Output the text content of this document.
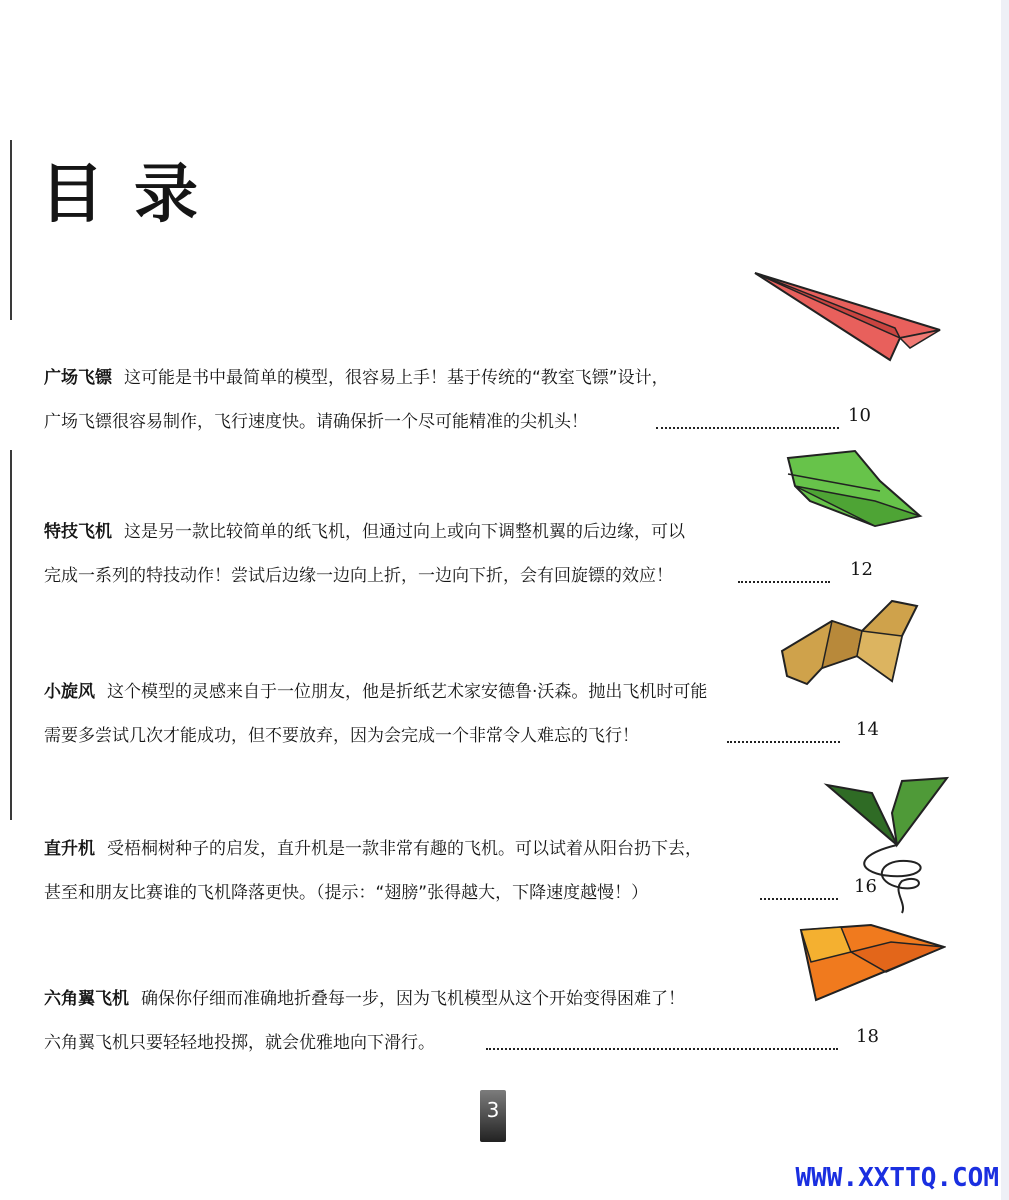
目录
广场飞镖 这可能是书中最简单的模型，很容易上手！基于传统的“教室飞镖”设计，
广场飞镖很容易制作，飞行速度快。请确保折一个尽可能精准的尖机头！	10
特技飞机 这是另一款比较简单的纸飞机，但通过向上或向下调整机翼的后边缘，可以
完成一系列的特技动作！尝试后边缘一边向上折，一边向下折，会有回旋镖的效应！	12
小旋风 这个模型的灵感来自于一位朋友，他是折纸艺术家安德鲁·沃森。抛出飞机时可能
需要多尝试几次才能成功，但不要放弃，因为会完成一个非常令人难忘的飞行！	14
直升机 受梧桐树种子的启发，直升机是一款非常有趣的飞机。可以试着从阳台扔下去，
甚至和朋友比赛谁的飞机降落更快。（提示：“翅膀”张得越大，下降速度越慢！）	16
六角翼飞机 确保你仔细而准确地折叠每一步，因为飞机模型从这个开始变得困难了！
六角翼飞机只要轻轻地投掷，就会优雅地向下滑行。	18
3
WWW.XXTTQ.COM
